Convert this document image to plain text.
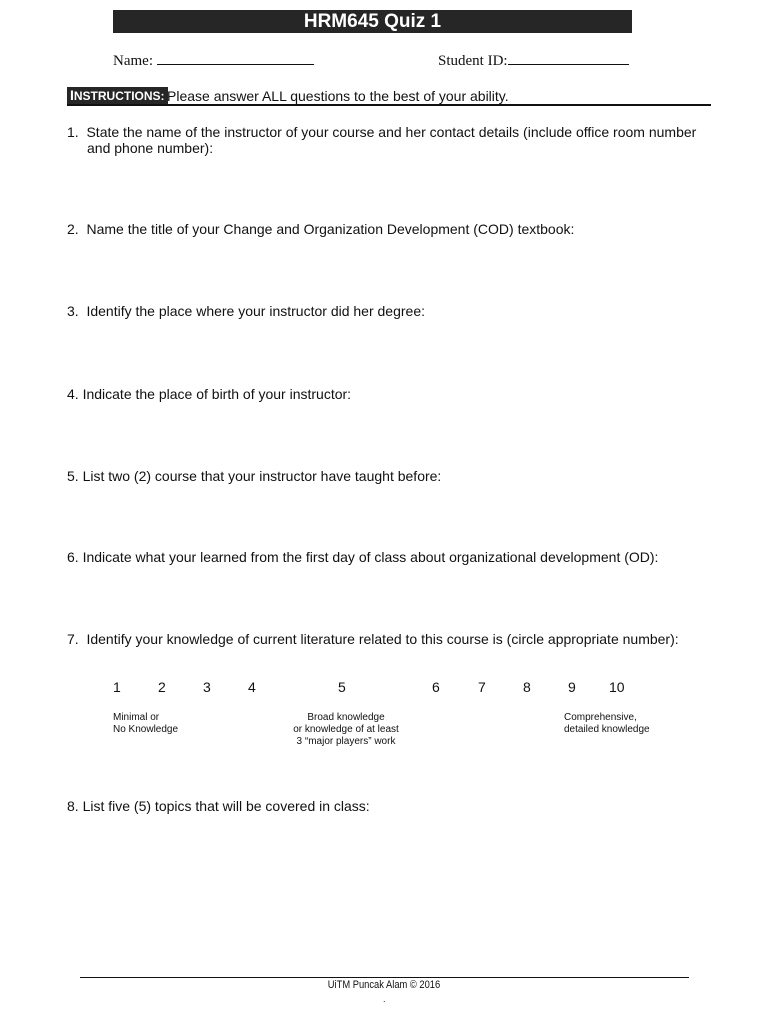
HRM645 Quiz 1
Name:	Student ID:
INSTRUCTIONS: Please answer ALL questions to the best of your ability.
1. State the name of the instructor of your course and her contact details (include office room number
and phone number):
2. Name the title of your Change and Organization Development (COD) textbook:
3. Identify the place where your instructor did her degree:
4. Indicate the place of birth of your instructor:
5. List two (2) course that your instructor have taught before:
6. Indicate what your learned from the first day of class about organizational development (OD):
7. Identify your knowledge of current literature related to this course is (circle appropriate number):
1	2	3	4	5	6	7	8	9 10
Minimal or
No Knowledge
Broad knowledge
or knowledge of at least
3 “major players” work
Comprehensive,
detailed knowledge
8. List five (5) topics that will be covered in class:
UiTM Puncak Alam © 2016
.
